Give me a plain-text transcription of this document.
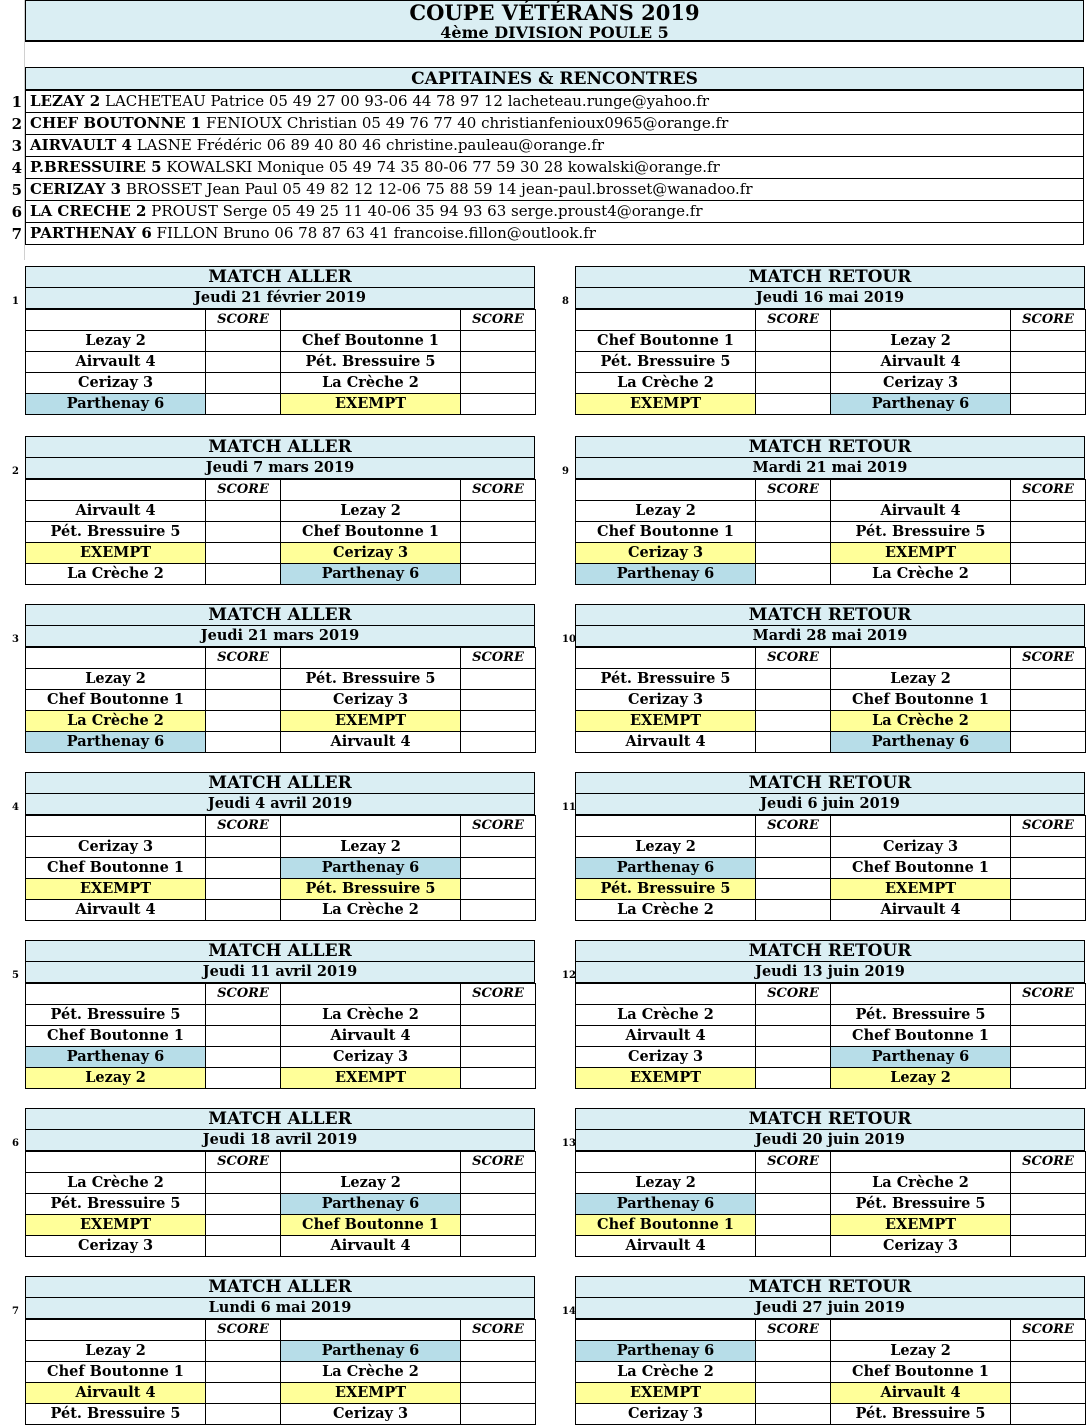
COUPE VÉTÉRANS 2019
4ème DIVISION POULE 5
CAPITAINES & RENCONTRES
1 LEZAY 2 LACHETEAU Patrice 05 49 27 00 93-06 44 78 97 12 lacheteau.runge@yahoo.fr
2 CHEF BOUTONNE 1 FENIOUX Christian 05 49 76 77 40 christianfenioux0965@orange.fr
3 AIRVAULT 4 LASNE Frédéric 06 89 40 80 46 christine.pauleau@orange.fr
4 P.BRESSUIRE 5 KOWALSKI Monique 05 49 74 35 80-06 77 59 30 28 kowalski@orange.fr
5 CERIZAY 3 BROSSET Jean Paul 05 49 82 12 12-06 75 88 59 14 jean-paul.brosset@wanadoo.fr
6 LA CRECHE 2 PROUST Serge 05 49 25 11 40-06 35 94 93 63 serge.proust4@orange.fr
7 PARTHENAY 6 FILLON Bruno 06 78 87 63 41 francoise.fillon@outlook.fr
1
MATCH ALLER
Jeudi 21 février 2019
	SCORE		SCORE
Lezay 2		Chef Boutonne 1	
Airvault 4		Pét. Bressuire 5	
Cerizay 3		La Crèche 2	
Parthenay 6		EXEMPT	
8
MATCH RETOUR
Jeudi 16 mai 2019
	SCORE		SCORE
Chef Boutonne 1		Lezay 2	
Pét. Bressuire 5		Airvault 4	
La Crèche 2		Cerizay 3	
EXEMPT		Parthenay 6	
2
MATCH ALLER
Jeudi 7 mars 2019
	SCORE		SCORE
Airvault 4		Lezay 2	
Pét. Bressuire 5		Chef Boutonne 1	
EXEMPT		Cerizay 3	
La Crèche 2		Parthenay 6	
9
MATCH RETOUR
Mardi 21 mai 2019
	SCORE		SCORE
Lezay 2		Airvault 4	
Chef Boutonne 1		Pét. Bressuire 5	
Cerizay 3		EXEMPT	
Parthenay 6		La Crèche 2	
3
MATCH ALLER
Jeudi 21 mars 2019
	SCORE		SCORE
Lezay 2		Pét. Bressuire 5	
Chef Boutonne 1		Cerizay 3	
La Crèche 2		EXEMPT	
Parthenay 6		Airvault 4	
10
MATCH RETOUR
Mardi 28 mai 2019
	SCORE		SCORE
Pét. Bressuire 5		Lezay 2	
Cerizay 3		Chef Boutonne 1	
EXEMPT		La Crèche 2	
Airvault 4		Parthenay 6	
4
MATCH ALLER
Jeudi 4 avril 2019
	SCORE		SCORE
Cerizay 3		Lezay 2	
Chef Boutonne 1		Parthenay 6	
EXEMPT		Pét. Bressuire 5	
Airvault 4		La Crèche 2	
11
MATCH RETOUR
Jeudi 6 juin 2019
	SCORE		SCORE
Lezay 2		Cerizay 3	
Parthenay 6		Chef Boutonne 1	
Pét. Bressuire 5		EXEMPT	
La Crèche 2		Airvault 4	
5
MATCH ALLER
Jeudi 11 avril 2019
	SCORE		SCORE
Pét. Bressuire 5		La Crèche 2	
Chef Boutonne 1		Airvault 4	
Parthenay 6		Cerizay 3	
Lezay 2		EXEMPT	
12
MATCH RETOUR
Jeudi 13 juin 2019
	SCORE		SCORE
La Crèche 2		Pét. Bressuire 5	
Airvault 4		Chef Boutonne 1	
Cerizay 3		Parthenay 6	
EXEMPT		Lezay 2	
6
MATCH ALLER
Jeudi 18 avril 2019
	SCORE		SCORE
La Crèche 2		Lezay 2	
Pét. Bressuire 5		Parthenay 6	
EXEMPT		Chef Boutonne 1	
Cerizay 3		Airvault 4	
13
MATCH RETOUR
Jeudi 20 juin 2019
	SCORE		SCORE
Lezay 2		La Crèche 2	
Parthenay 6		Pét. Bressuire 5	
Chef Boutonne 1		EXEMPT	
Airvault 4		Cerizay 3	
7
MATCH ALLER
Lundi 6 mai 2019
	SCORE		SCORE
Lezay 2		Parthenay 6	
Chef Boutonne 1		La Crèche 2	
Airvault 4		EXEMPT	
Pét. Bressuire 5		Cerizay 3	
14
MATCH RETOUR
Jeudi 27 juin 2019
	SCORE		SCORE
Parthenay 6		Lezay 2	
La Crèche 2		Chef Boutonne 1	
EXEMPT		Airvault 4	
Cerizay 3		Pét. Bressuire 5	
